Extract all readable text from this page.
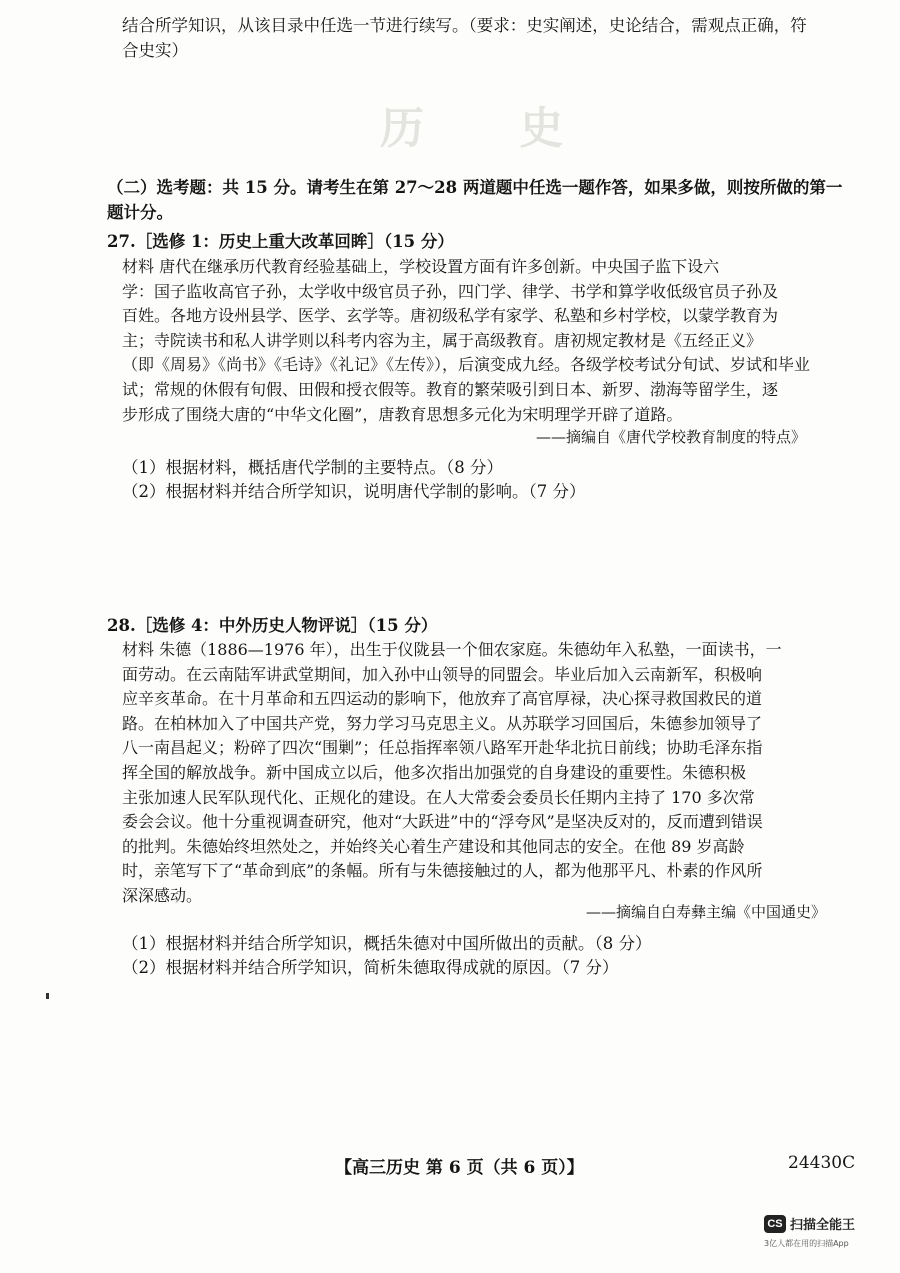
历 史
结合所学知识，从该目录中任选一节进行续写。（要求：史实阐述，史论结合，需观点正确，符
合史实）
（二）选考题：共 15 分。请考生在第 27～28 两道题中任选一题作答，如果多做，则按所做的第一
题计分。
27.［选修 1：历史上重大改革回眸］（15 分）
材料 唐代在继承历代教育经验基础上，学校设置方面有许多创新。中央国子监下设六
学：国子监收高官子孙，太学收中级官员子孙，四门学、律学、书学和算学收低级官员子孙及
百姓。各地方设州县学、医学、玄学等。唐初级私学有家学、私塾和乡村学校，以蒙学教育为
主；寺院读书和私人讲学则以科考内容为主，属于高级教育。唐初规定教材是《五经正义》
（即《周易》《尚书》《毛诗》《礼记》《左传》），后演变成九经。各级学校考试分旬试、岁试和毕业
试；常规的休假有旬假、田假和授衣假等。教育的繁荣吸引到日本、新罗、渤海等留学生，逐
步形成了围绕大唐的“中华文化圈”，唐教育思想多元化为宋明理学开辟了道路。
——摘编自《唐代学校教育制度的特点》
（1）根据材料，概括唐代学制的主要特点。（8 分）
（2）根据材料并结合所学知识，说明唐代学制的影响。（7 分）
28.［选修 4：中外历史人物评说］（15 分）
材料 朱德（1886—1976 年），出生于仪陇县一个佃农家庭。朱德幼年入私塾，一面读书，一
面劳动。在云南陆军讲武堂期间，加入孙中山领导的同盟会。毕业后加入云南新军，积极响
应辛亥革命。在十月革命和五四运动的影响下，他放弃了高官厚禄，决心探寻救国救民的道
路。在柏林加入了中国共产党，努力学习马克思主义。从苏联学习回国后，朱德参加领导了
八一南昌起义；粉碎了四次“围剿”；任总指挥率领八路军开赴华北抗日前线；协助毛泽东指
挥全国的解放战争。新中国成立以后，他多次指出加强党的自身建设的重要性。朱德积极
主张加速人民军队现代化、正规化的建设。在人大常委会委员长任期内主持了 170 多次常
委会会议。他十分重视调查研究，他对“大跃进”中的“浮夸风”是坚决反对的，反而遭到错误
的批判。朱德始终坦然处之，并始终关心着生产建设和其他同志的安全。在他 89 岁高龄
时，亲笔写下了“革命到底”的条幅。所有与朱德接触过的人，都为他那平凡、朴素的作风所
深深感动。
——摘编自白寿彝主编《中国通史》
（1）根据材料并结合所学知识，概括朱德对中国所做出的贡献。（8 分）
（2）根据材料并结合所学知识，简析朱德取得成就的原因。（7 分）
【高三历史 第 6 页（共 6 页）】	24430C
CS 扫描全能王
3亿人都在用的扫描App
